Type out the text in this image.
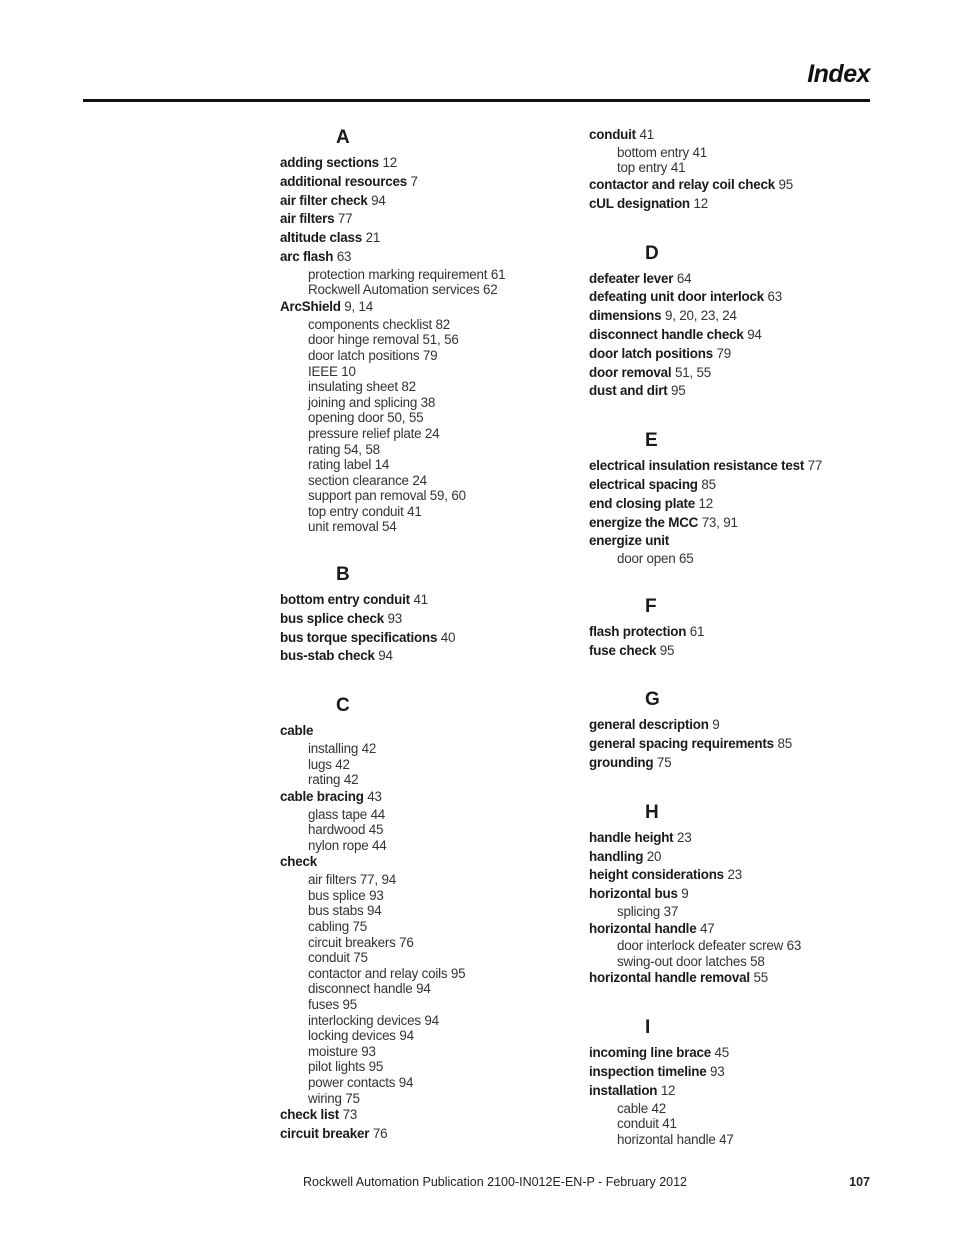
Index
A
adding sections 12
additional resources 7
air filter check 94
air filters 77
altitude class 21
arc flash 63
protection marking requirement 61
Rockwell Automation services 62
ArcShield 9, 14
components checklist 82
door hinge removal 51, 56
door latch positions 79
IEEE 10
insulating sheet 82
joining and splicing 38
opening door 50, 55
pressure relief plate 24
rating 54, 58
rating label 14
section clearance 24
support pan removal 59, 60
top entry conduit 41
unit removal 54
B
bottom entry conduit 41
bus splice check 93
bus torque specifications 40
bus-stab check 94
C
cable
installing 42
lugs 42
rating 42
cable bracing 43
glass tape 44
hardwood 45
nylon rope 44
check
air filters 77, 94
bus splice 93
bus stabs 94
cabling 75
circuit breakers 76
conduit 75
contactor and relay coils 95
disconnect handle 94
fuses 95
interlocking devices 94
locking devices 94
moisture 93
pilot lights 95
power contacts 94
wiring 75
check list 73
circuit breaker 76
conduit 41
bottom entry 41
top entry 41
contactor and relay coil check 95
cUL designation 12
D
defeater lever 64
defeating unit door interlock 63
dimensions 9, 20, 23, 24
disconnect handle check 94
door latch positions 79
door removal 51, 55
dust and dirt 95
E
electrical insulation resistance test 77
electrical spacing 85
end closing plate 12
energize the MCC 73, 91
energize unit
door open 65
F
flash protection 61
fuse check 95
G
general description 9
general spacing requirements 85
grounding 75
H
handle height 23
handling 20
height considerations 23
horizontal bus 9
splicing 37
horizontal handle 47
door interlock defeater screw 63
swing-out door latches 58
horizontal handle removal 55
I
incoming line brace 45
inspection timeline 93
installation 12
cable 42
conduit 41
horizontal handle 47
Rockwell Automation Publication 2100-IN012E-EN-P - February 2012	107
